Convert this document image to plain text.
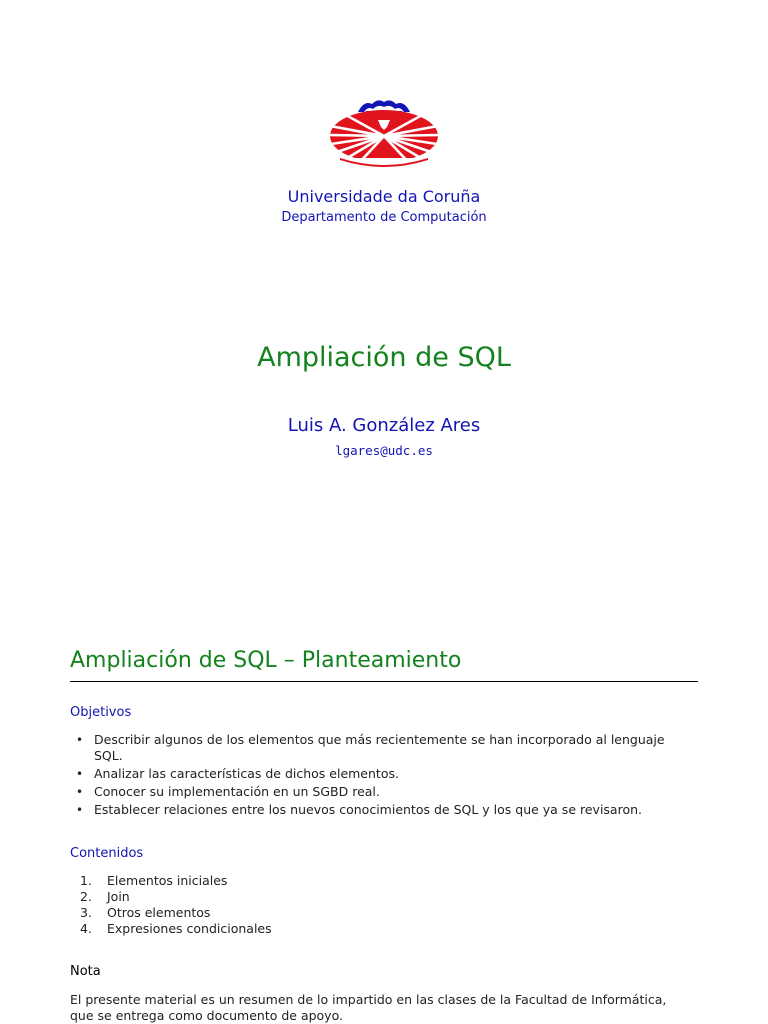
Universidade da Coruña
Departamento de Computación
Ampliación de SQL
Luis A. González Ares
lgares@udc.es
Ampliación de SQL – Planteamiento
Objetivos
• Describir algunos de los elementos que más recientemente se han incorporado al lenguaje
SQL.
• Analizar las características de dichos elementos.
• Conocer su implementación en un SGBD real.
• Establecer relaciones entre los nuevos conocimientos de SQL y los que ya se revisaron.
Contenidos
1.	Elementos iniciales
2.	Join
3.	Otros elementos
4.	Expresiones condicionales
Nota
El presente material es un resumen de lo impartido en las clases de la Facultad de Informática,
que se entrega como documento de apoyo.
